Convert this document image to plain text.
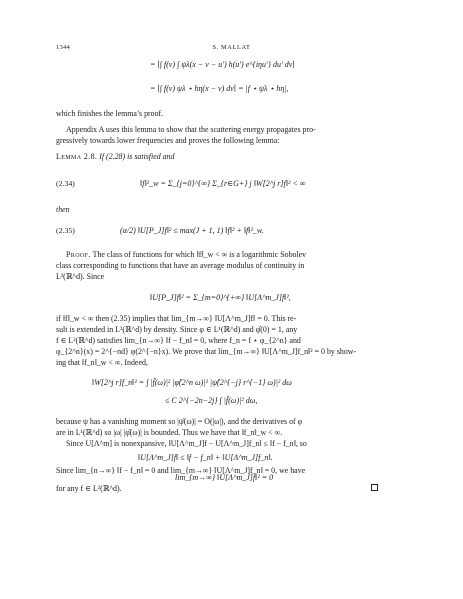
1344	S. MALLAT
= ∣∫ f(v) ∫ ψλ(x − v − u′) h(u′) e^{iηu′} du′ dv∣
= ∣∫ f(v) ψλ ⋆ hη(x − v) dv∣ = |f ⋆ ψλ ⋆ hη|,
which finishes the lemma’s proof.
Appendix A uses this lemma to show that the scattering energy propagates pro-
gressively towards lower frequencies and proves the following lemma:
Lemma 2.8. If (2.28) is satisfied and
(2.34)	‖f‖²_w = Σ_{j=0}^{∞} Σ_{r∈G+} j ‖W[2^j r]f‖² < ∞
then
(2.35)	(α/2) ‖U[P_J]f‖² ≤ max(J + 1, 1) ‖f‖² + ‖f‖²_w.
Proof. The class of functions for which ‖f‖_w < ∞ is a logarithmic Sobolev
class corresponding to functions that have an average modulus of continuity in
L²(ℝ^d). Since
‖U[P_J]f‖² = Σ_{m=0}^{+∞} ‖U[Λ^m_J]f‖²,
if ‖f‖_w < ∞ then (2.35) implies that lim_{m→∞} ‖U[Λ^m_J]f‖ = 0. This re-
sult is extended in L²(ℝ^d) by density. Since φ ∈ L¹(ℝ^d) and φ̂(0) = 1, any
f ∈ L²(ℝ^d) satisfies lim_{n→∞} ‖f − f_n‖ = 0, where f_n = f ⋆ φ_{2^n} and
φ_{2^n}(x) = 2^{−nd} φ(2^{−n}x). We prove that lim_{m→∞} ‖U[Λ^m_J]f_n‖² = 0 by show-
ing that ‖f_n‖_w < ∞. Indeed,
‖W[2^j r]f_n‖² = ∫ |f̂(ω)|² |φ̂(2^n ω)|² |ψ̂(2^{−j} r^{−1} ω)|² dω
≤ C 2^{−2n−2j} ∫ |f̂(ω)|² dω,
because ψ has a vanishing moment so |ψ̂(ω)| = O(|ω|), and the derivatives of φ
are in L¹(ℝ^d) so |ω| |φ̂(ω)| is bounded. Thus we have that ‖f_n‖_w < ∞.
Since U[Λ^m] is nonexpansive, ‖U[Λ^m_J]f − U[Λ^m_J]f_n‖ ≤ ‖f − f_n‖, so
‖U[Λ^m_J]f‖ ≤ ‖f − f_n‖ + ‖U[Λ^m_J]f_n‖.
Since lim_{n→∞} ‖f − f_n‖ = 0 and lim_{m→∞} ‖U[Λ^m_J]f_n‖ = 0, we have
lim_{m→∞} ‖U[Λ^m_J]f‖² = 0
for any f ∈ L²(ℝ^d).
